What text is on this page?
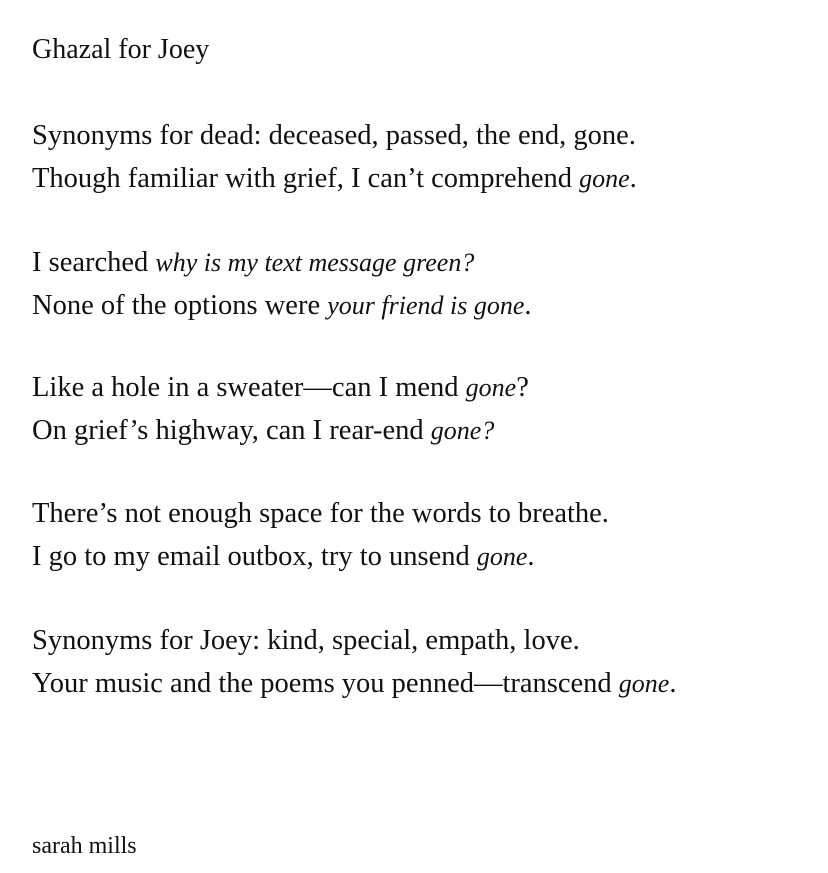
Ghazal for Joey
Synonyms for dead: deceased, passed, the end, gone.
Though familiar with grief, I can’t comprehend gone.
I searched why is my text message green?
None of the options were your friend is gone.
Like a hole in a sweater—can I mend gone?
On grief’s highway, can I rear-end gone?
There’s not enough space for the words to breathe.
I go to my email outbox, try to unsend gone.
Synonyms for Joey: kind, special, empath, love.
Your music and the poems you penned—transcend gone.
sarah mills
